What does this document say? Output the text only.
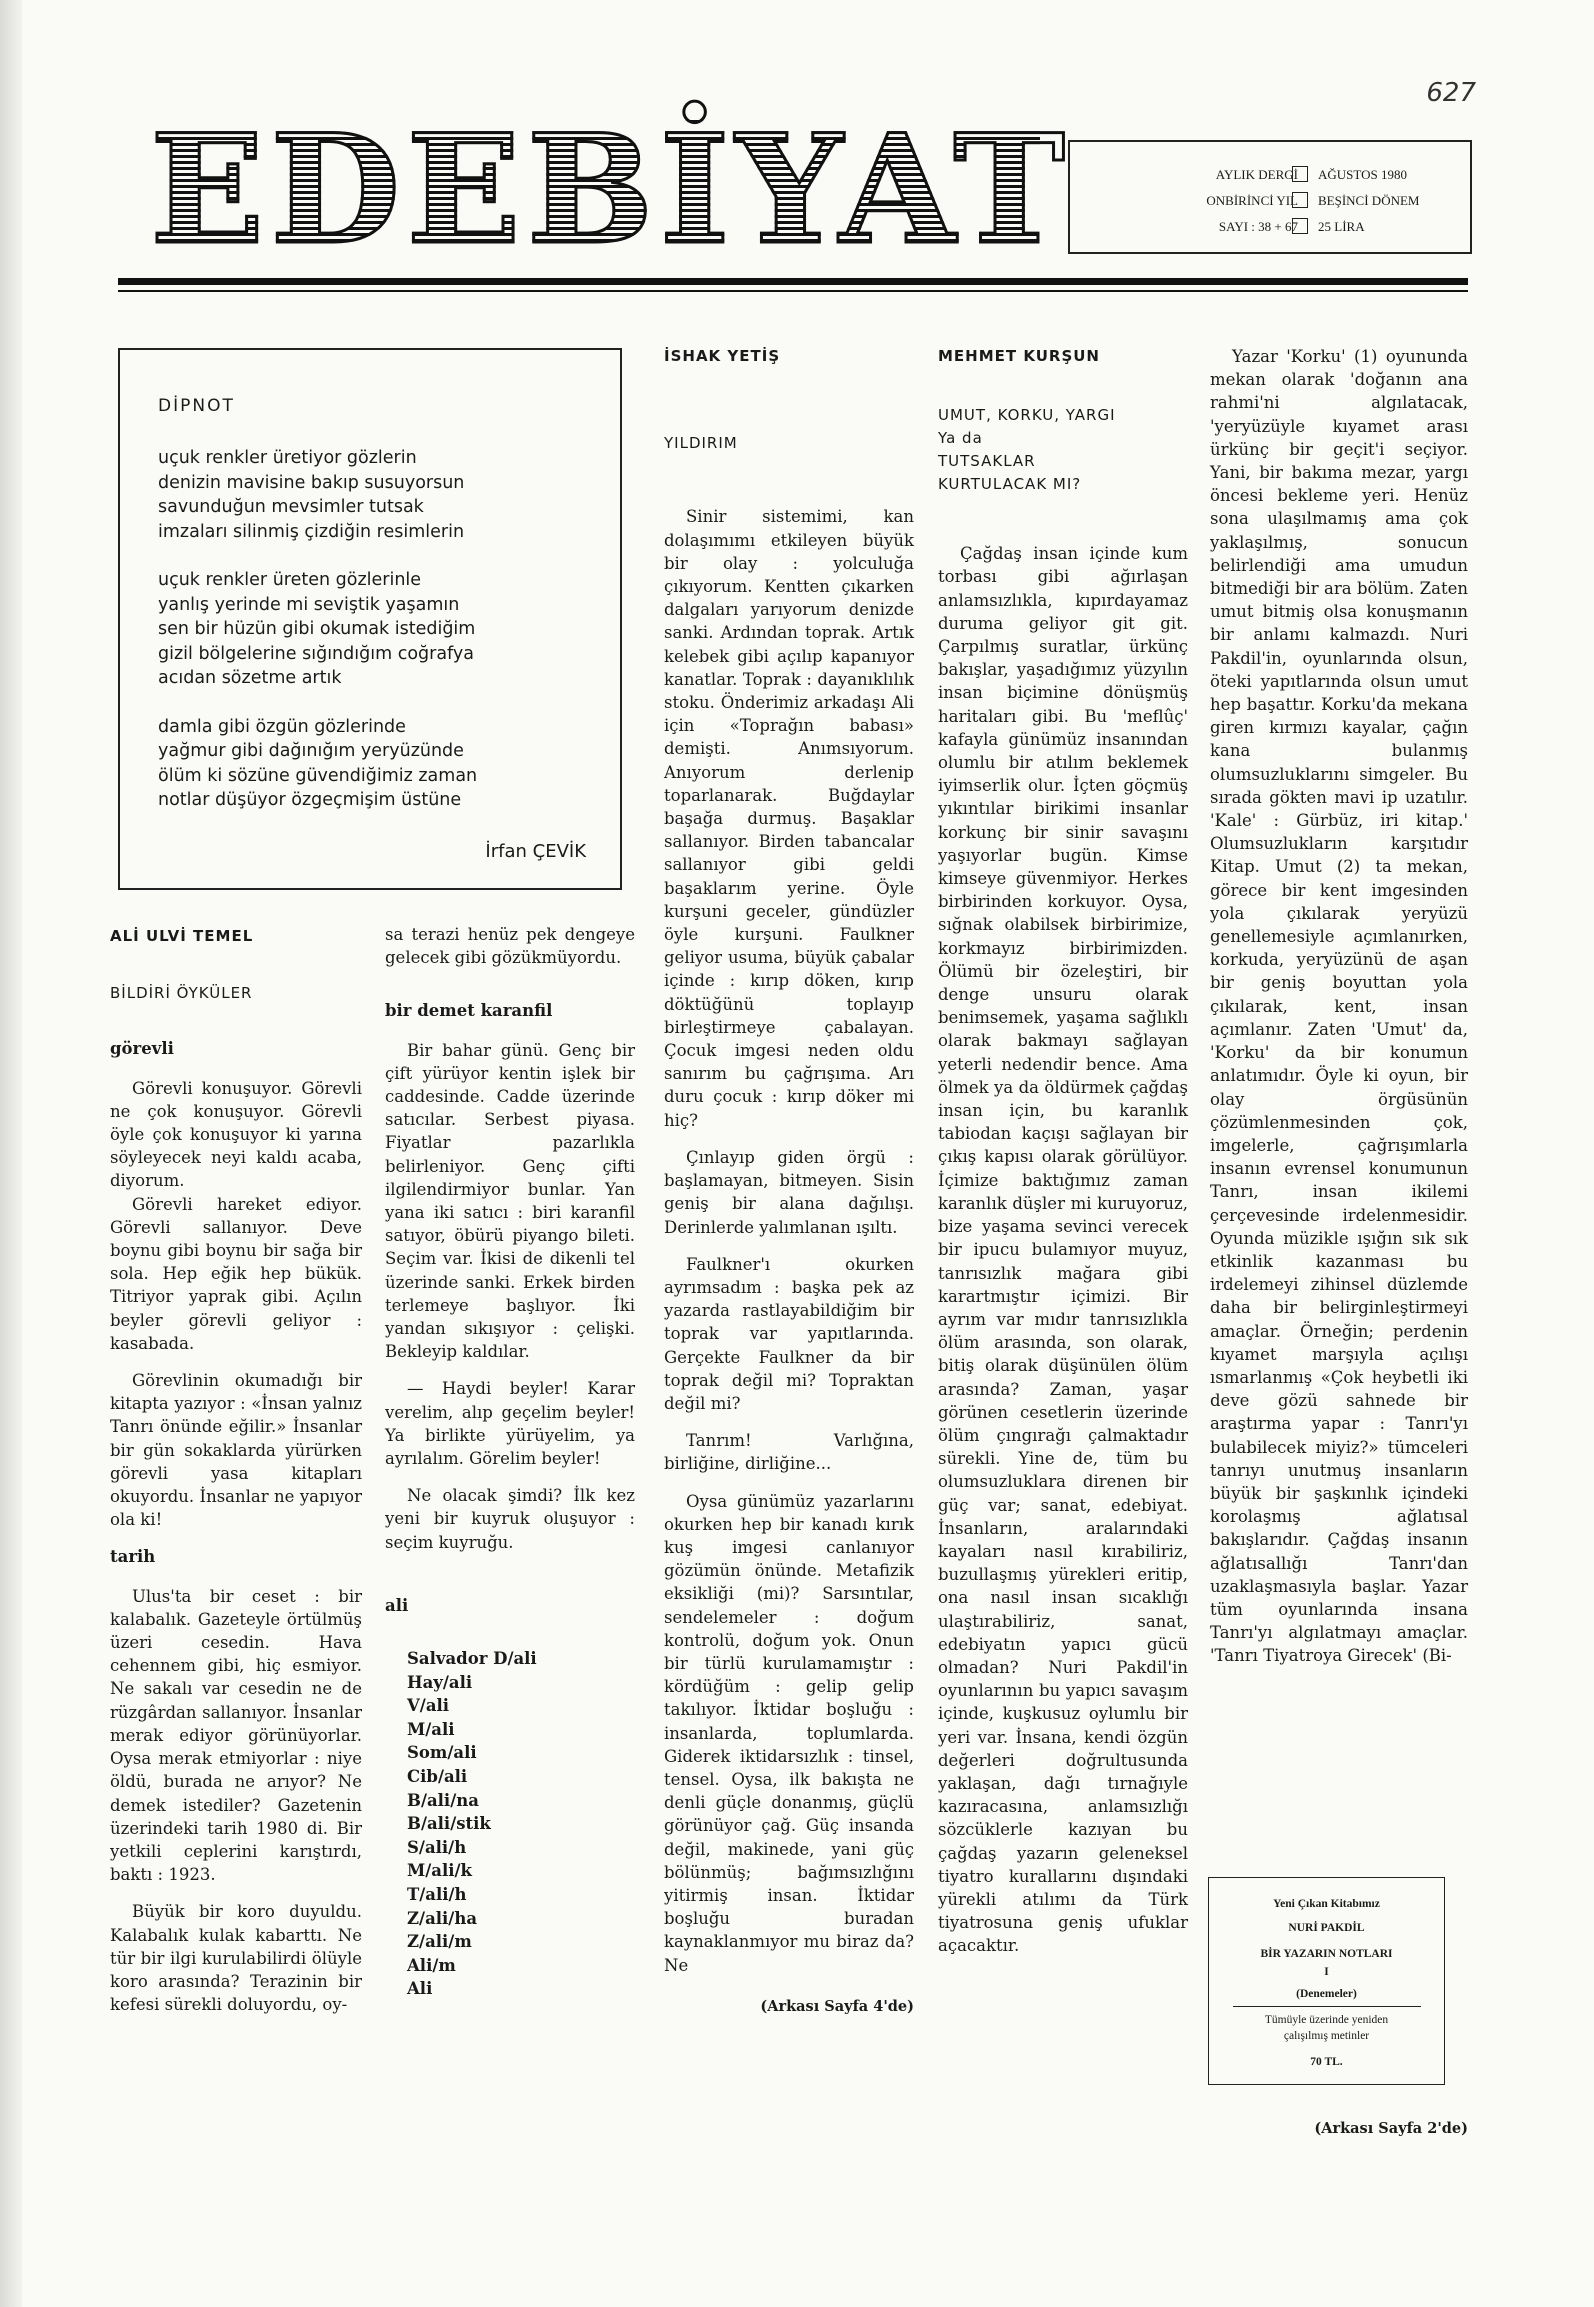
627
EDEBİYAT	AYLIK DERGİ
ONBİRİNCİ YIL
SAYI : 38 + 67
AĞUSTOS 1980
BEŞİNCİ DÖNEM
25 LİRA
DİPNOT
uçuk renkler üretiyor gözlerin
denizin mavisine bakıp susuyorsun
savunduğun mevsimler tutsak
imzaları silinmiş çizdiğin resimlerin
uçuk renkler üreten gözlerinle
yanlış yerinde mi seviştik yaşamın
sen bir hüzün gibi okumak istediğim
gizil bölgelerine sığındığım coğrafya
acıdan sözetme artık
damla gibi özgün gözlerinde
yağmur gibi dağınığım yeryüzünde
ölüm ki sözüne güvendiğimiz zaman
notlar düşüyor özgeçmişim üstüne
İrfan ÇEVİK
ALİ ULVİ TEMEL
BİLDİRİ ÖYKÜLER
görevli

Görevli konuşuyor. Görevli ne çok konuşuyor. Görevli öyle çok konuşuyor ki yarına söyleyecek neyi kaldı acaba, diyorum.

Görevli hareket ediyor. Görevli sallanıyor. Deve boynu gibi boynu bir sağa bir sola. Hep eğik hep bükük. Titriyor yaprak gibi. Açılın beyler görevli geliyor : kasabada.

Görevlinin okumadığı bir kitapta yazıyor : «İnsan yalnız Tanrı önünde eğilir.» İnsanlar bir gün sokaklarda yürürken görevli yasa kitapları okuyordu. İnsanlar ne yapıyor ola ki!

tarih

Ulus'ta bir ceset : bir kalabalık. Gazeteyle örtülmüş üzeri cesedin. Hava cehennem gibi, hiç esmiyor. Ne sakalı var cesedin ne de rüzgârdan sallanıyor. İnsanlar merak ediyor görünüyorlar. Oysa merak etmiyorlar : niye öldü, burada ne arıyor? Ne demek istediler? Gazetenin üzerindeki tarih 1980 di. Bir yetkili ceplerini karıştırdı, baktı : 1923.

Büyük bir koro duyuldu. Kalabalık kulak kabarttı. Ne tür bir ilgi kurulabilirdi ölüyle koro arasında? Terazinin bir kefesi sürekli doluyordu, oy-

sa terazi henüz pek dengeye gelecek gibi gözükmüyordu.

bir demet karanfil

Bir bahar günü. Genç bir çift yürüyor kentin işlek bir caddesinde. Cadde üzerinde satıcılar. Serbest piyasa. Fiyatlar pazarlıkla belirleniyor. Genç çifti ilgilendirmiyor bunlar. Yan yana iki satıcı : biri karanfil satıyor, öbürü piyango bileti. Seçim var. İkisi de dikenli tel üzerinde sanki. Erkek birden terlemeye başlıyor. İki yandan sıkışıyor : çelişki. Bekleyip kaldılar.

— Haydi beyler! Karar verelim, alıp geçelim beyler! Ya birlikte yürüyelim, ya ayrılalım. Görelim beyler!

Ne olacak şimdi? İlk kez yeni bir kuyruk oluşuyor : seçim kuyruğu.

ali
Salvador D/ali
Hay/ali
V/ali
M/ali
Som/ali
Cib/ali
B/ali/na
B/ali/stik
S/ali/h
M/ali/k
T/ali/h
Z/ali/ha
Z/ali/m
Ali/m
Ali
İSHAK YETİŞ
YILDIRIM

Sinir sistemimi, kan dolaşımımı etkileyen büyük bir olay : yolculuğa çıkıyorum. Kentten çıkarken dalgaları yarıyorum denizde sanki. Ardından toprak. Artık kelebek gibi açılıp kapanıyor kanatlar. Toprak : dayanıklılık stoku. Önderimiz arkadaşı Ali için «Toprağın babası» demişti. Anımsıyorum. Anıyorum derlenip toparlanarak. Buğdaylar başağa durmuş. Başaklar sallanıyor. Birden tabancalar sallanıyor gibi geldi başaklarım yerine. Öyle kurşuni geceler, gündüzler öyle kurşuni. Faulkner geliyor usuma, büyük çabalar içinde : kırıp döken, kırıp döktüğünü toplayıp birleştirmeye çabalayan. Çocuk imgesi neden oldu sanırım bu çağrışıma. Arı duru çocuk : kırıp döker mi hiç?

Çınlayıp giden örgü : başlamayan, bitmeyen. Sisin geniş bir alana dağılışı. Derinlerde yalımlanan ışıltı.

Faulkner'ı okurken ayrımsadım : başka pek az yazarda rastlayabildiğim bir toprak var yapıtlarında. Gerçekte Faulkner da bir toprak değil mi? Topraktan değil mi?

Tanrım! Varlığına, birliğine, dirliğine...

Oysa günümüz yazarlarını okurken hep bir kanadı kırık kuş imgesi canlanıyor gözümün önünde. Metafizik eksikliği (mi)? Sarsıntılar, sendelemeler : doğum kontrolü, doğum yok. Onun bir türlü kurulamamıştır : kördüğüm : gelip gelip takılıyor. İktidar boşluğu : insanlarda, toplumlarda. Giderek iktidarsızlık : tinsel, tensel. Oysa, ilk bakışta ne denli güçle donanmış, güçlü görünüyor çağ. Güç insanda değil, makinede, yani güç bölünmüş; bağımsızlığını yitirmiş insan. İktidar boşluğu buradan kaynaklanmıyor mu biraz da? Ne

(Arkası Sayfa 4'de)
MEHMET KURŞUN
UMUT, KORKU, YARGI
Ya da
TUTSAKLAR
KURTULACAK MI?

Çağdaş insan içinde kum torbası gibi ağırlaşan anlamsızlıkla, kıpırdayamaz duruma geliyor git git. Çarpılmış suratlar, ürkünç bakışlar, yaşadığımız yüzyılın insan biçimine dönüşmüş haritaları gibi. Bu 'meflûç' kafayla günümüz insanından olumlu bir atılım beklemek iyimserlik olur. İçten göçmüş yıkıntılar birikimi insanlar korkunç bir sinir savaşını yaşıyorlar bugün. Kimse kimseye güvenmiyor. Herkes birbirinden korkuyor. Oysa, sığnak olabilsek birbirimize, korkmayız birbirimizden. Ölümü bir özeleştiri, bir denge unsuru olarak benimsemek, yaşama sağlıklı olarak bakmayı sağlayan yeterli nedendir bence. Ama ölmek ya da öldürmek çağdaş insan için, bu karanlık tabiodan kaçışı sağlayan bir çıkış kapısı olarak görülüyor. İçimize baktığımız zaman karanlık düşler mi kuruyoruz, bize yaşama sevinci verecek bir ipucu bulamıyor muyuz, tanrısızlık mağara gibi karartmıştır içimizi. Bir ayrım var mıdır tanrısızlıkla ölüm arasında, son olarak, bitiş olarak düşünülen ölüm arasında? Zaman, yaşar görünen cesetlerin üzerinde ölüm çıngırağı çalmaktadır sürekli. Yine de, tüm bu olumsuzluklara direnen bir güç var; sanat, edebiyat. İnsanların, aralarındaki kayaları nasıl kırabiliriz, buzullaşmış yürekleri eritip, ona nasıl insan sıcaklığı ulaştırabiliriz, sanat, edebiyatın yapıcı gücü olmadan? Nuri Pakdil'in oyunlarının bu yapıcı savaşım içinde, kuşkusuz oylumlu bir yeri var. İnsana, kendi özgün değerleri doğrultusunda yaklaşan, dağı tırnağıyle kazıracasına, anlamsızlığı sözcüklerle kazıyan bu çağdaş yazarın geleneksel tiyatro kurallarını dışındaki yürekli atılımı da Türk tiyatrosuna geniş ufuklar açacaktır.

Yazar 'Korku' (1) oyununda mekan olarak 'doğanın ana rahmi'ni algılatacak, 'yeryüzüyle kıyamet arası ürkünç bir geçit'i seçiyor. Yani, bir bakıma mezar, yargı öncesi bekleme yeri. Henüz sona ulaşılmamış ama çok yaklaşılmış, sonucun belirlendiği ama umudun bitmediği bir ara bölüm. Zaten umut bitmiş olsa konuşmanın bir anlamı kalmazdı. Nuri Pakdil'in, oyunlarında olsun, öteki yapıtlarında olsun umut hep başattır. Korku'da mekana giren kırmızı kayalar, çağın kana bulanmış olumsuzluklarını simgeler. Bu sırada gökten mavi ip uzatılır. 'Kale' : Gürbüz, iri kitap.' Olumsuzlukların karşıtıdır Kitap. Umut (2) ta mekan, görece bir kent imgesinden yola çıkılarak yeryüzü genellemesiyle açımlanırken, korkuda, yeryüzünü de aşan bir geniş boyuttan yola çıkılarak, kent, insan açımlanır. Zaten 'Umut' da, 'Korku' da bir konumun anlatımıdır. Öyle ki oyun, bir olay örgüsünün çözümlenmesinden çok, imgelerle, çağrışımlarla insanın evrensel konumunun Tanrı, insan ikilemi çerçevesinde irdelenmesidir. Oyunda müzikle ışığın sık sık etkinlik kazanması bu irdelemeyi zihinsel düzlemde daha bir belirginleştirmeyi amaçlar. Örneğin; perdenin kıyamet marşıyla açılışı ısmarlanmış «Çok heybetli iki deve gözü sahnede bir araştırma yapar : Tanrı'yı bulabilecek miyiz?» tümceleri tanrıyı unutmuş insanların büyük bir şaşkınlık içindeki korolaşmış ağlatısal bakışlarıdır. Çağdaş insanın ağlatısallığı Tanrı'dan uzaklaşmasıyla başlar. Yazar tüm oyunlarında insana Tanrı'yı algılatmayı amaçlar. 'Tanrı Tiyatroya Girecek' (Bi-

Yeni Çıkan Kitabımız
NURİ PAKDİL
BİR YAZARIN NOTLARI
I
(Denemeler)
Tümüyle üzerinde yeniden
çalışılmış metinler
70 TL.
(Arkası Sayfa 2'de)
